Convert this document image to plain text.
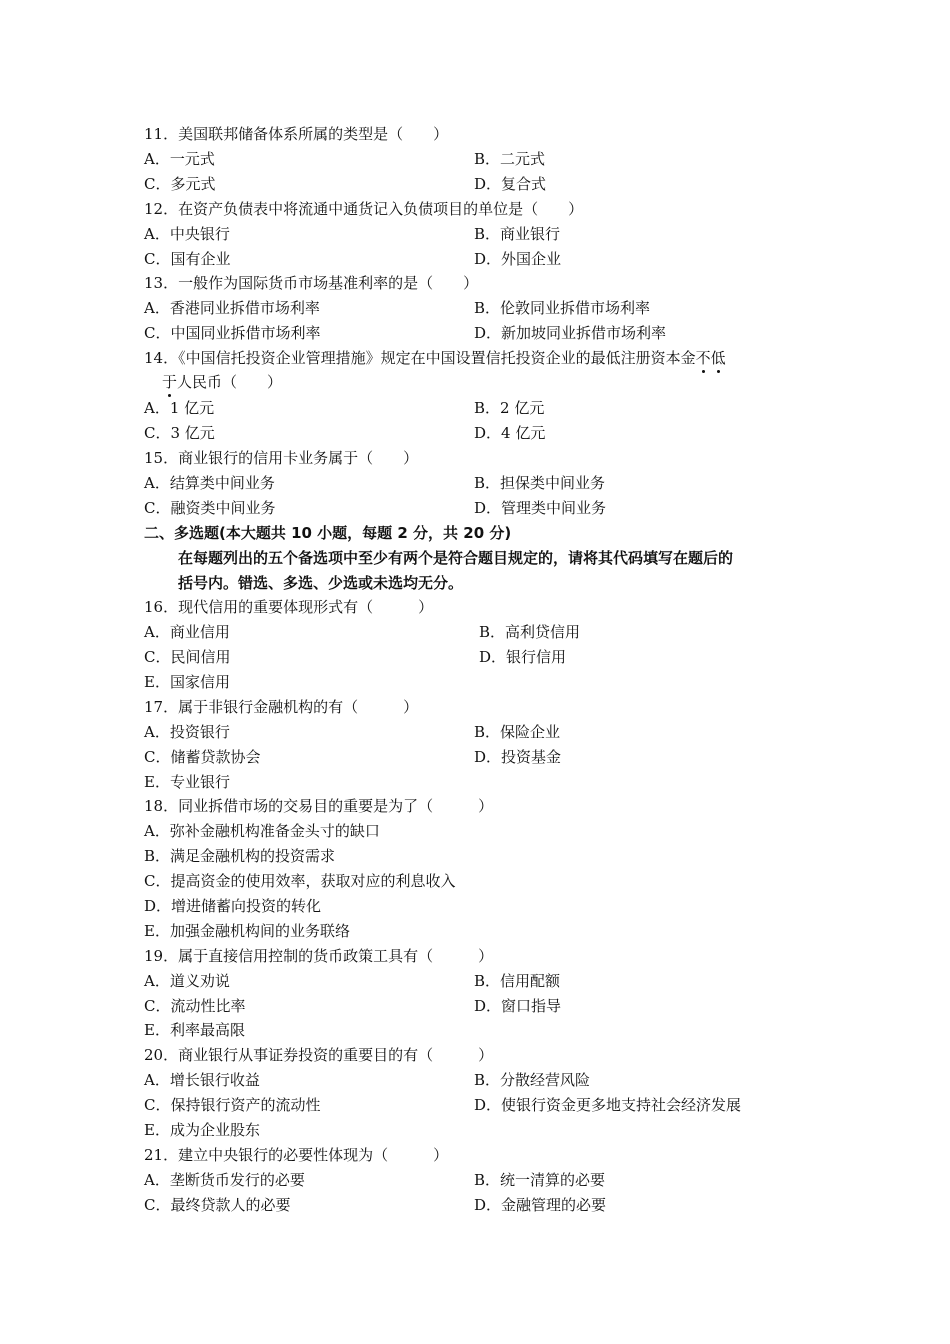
11．美国联邦储备体系所属的类型是（　　）
A．一元式	B．二元式
C．多元式	D．复合式
12．在资产负债表中将流通中通货记入负债项目的单位是（　　）
A．中央银行	B．商业银行
C．国有企业	D．外国企业
13．一般作为国际货币市场基准利率的是（　　）
A．香港同业拆借市场利率	B．伦敦同业拆借市场利率
C．中国同业拆借市场利率	D．新加坡同业拆借市场利率
14．《中国信托投资企业管理措施》规定在中国设置信托投资企业的最低注册资本金不低
于人民币（　　）
A．1 亿元	B．2 亿元
C．3 亿元	D．4 亿元
15．商业银行的信用卡业务属于（　　）
A．结算类中间业务	B．担保类中间业务
C．融资类中间业务	D．管理类中间业务
二、多选题(本大题共 10 小题，每题 2 分，共 20 分)
在每题列出的五个备选项中至少有两个是符合题目规定的，请将其代码填写在题后的
括号内。错选、多选、少选或未选均无分。
16．现代信用的重要体现形式有（　　　）
A．商业信用	B．高利贷信用
C．民间信用	D．银行信用
E．国家信用
17．属于非银行金融机构的有（　　　）
A．投资银行	B．保险企业
C．储蓄贷款协会	D．投资基金
E．专业银行
18．同业拆借市场的交易目的重要是为了（　　　）
A．弥补金融机构准备金头寸的缺口
B．满足金融机构的投资需求
C．提高资金的使用效率，获取对应的利息收入
D．增进储蓄向投资的转化
E．加强金融机构间的业务联络
19．属于直接信用控制的货币政策工具有（　　　）
A．道义劝说	B．信用配额
C．流动性比率	D．窗口指导
E．利率最高限
20．商业银行从事证券投资的重要目的有（　　　）
A．增长银行收益	B．分散经营风险
C．保持银行资产的流动性	D．使银行资金更多地支持社会经济发展
E．成为企业股东
21．建立中央银行的必要性体现为（　　　）
A．垄断货币发行的必要	B．统一清算的必要
C．最终贷款人的必要	D．金融管理的必要
